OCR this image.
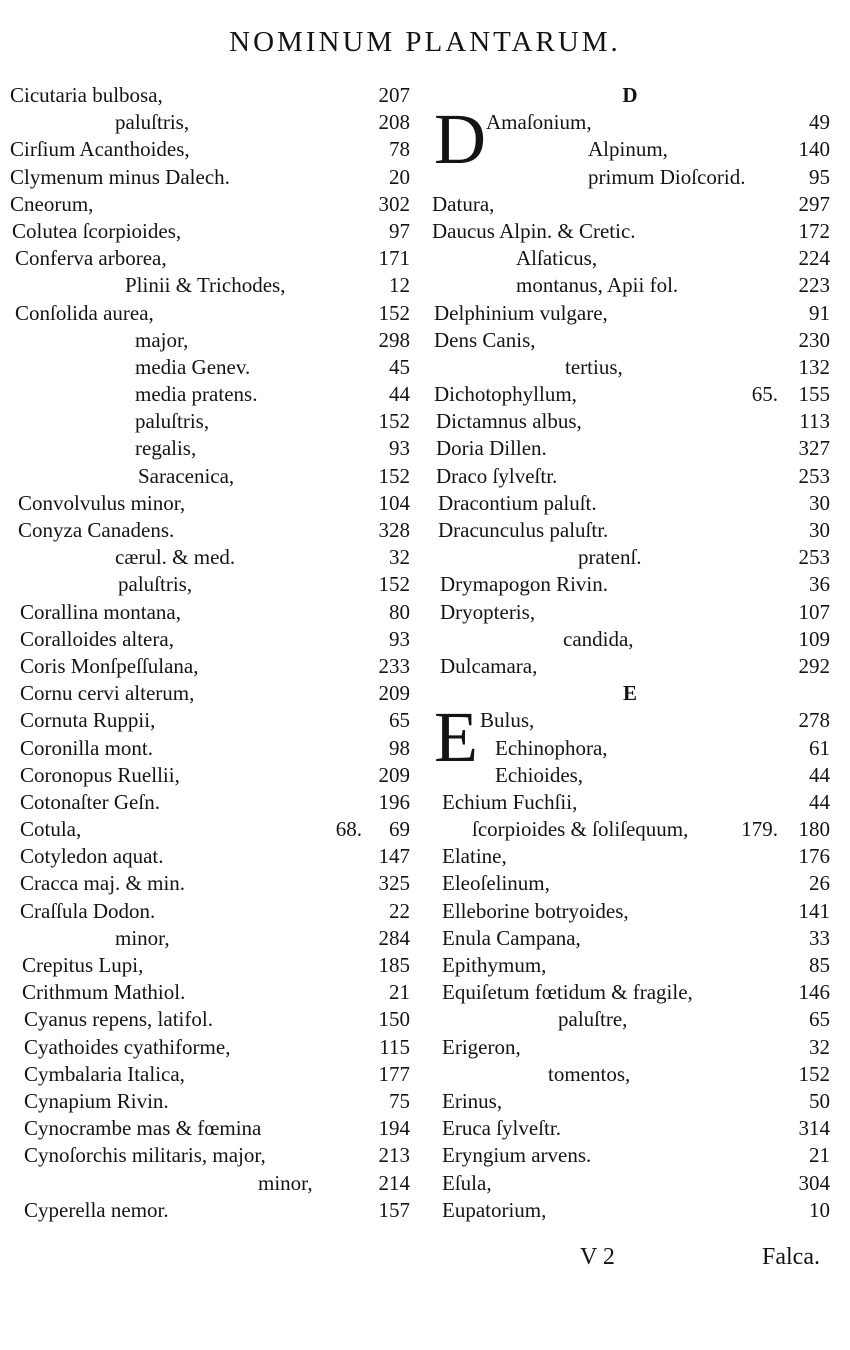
NOMINUM PLANTARUM.
Cicutaria bulbosa,	207
paluſtris,	208
Cirſium Acanthoides,	78
Clymenum minus Dalech.	20
Cneorum,	302
Colutea ſcorpioides,	97
Conferva arborea,	171
Plinii & Trichodes,	12
Conſolida aurea,	152
major,	298
media Genev.	45
media pratens.	44
paluſtris,	152
regalis,	93
Saracenica,	152
Convolvulus minor,	104
Conyza Canadens.	328
cærul. & med.	32
paluſtris,	152
Corallina montana,	80
Coralloides altera,	93
Coris Monſpeſſulana,	233
Cornu cervi alterum,	209
Cornuta Ruppii,	65
Coronilla mont.	98
Coronopus Ruellii,	209
Cotonaſter Geſn.	196
Cotula,	68. 69
Cotyledon aquat.	147
Cracca maj. & min.	325
Craſſula Dodon.	22
minor,	284
Crepitus Lupi,	185
Crithmum Mathiol.	21
Cyanus repens, latifol.	150
Cyathoides cyathiforme,	115
Cymbalaria Italica,	177
Cynapium Rivin.	75
Cynocrambe mas & fœmina	194
Cynoſorchis militaris, major,	213
minor,	214
Cyperella nemor.	157
D
D Amaſonium,	49
Alpinum,	140
primum Dioſcorid.	95
Datura,	297
Daucus Alpin. & Cretic.	172
Alſaticus,	224
montanus, Apii fol.	223
Delphinium vulgare,	91
Dens Canis,	230
tertius,	132
Dichotophyllum,	65. 155
Dictamnus albus,	113
Doria Dillen.	327
Draco ſylveſtr.	253
Dracontium paluſt.	30
Dracunculus paluſtr.	30
pratenſ.	253
Drymapogon Rivin.	36
Dryopteris,	107
candida,	109
Dulcamara,	292
E
E Bulus,	278
Echinophora,	61
Echioides,	44
Echium Fuchſii,	44
ſcorpioides & ſoliſequum,	179. 180
Elatine,	176
Eleoſelinum,	26
Elleborine botryoides,	141
Enula Campana,	33
Epithymum,	85
Equiſetum fœtidum & fragile,	146
paluſtre,	65
Erigeron,	32
tomentos,	152
Erinus,	50
Eruca ſylveſtr.	314
Eryngium arvens.	21
Eſula,	304
Eupatorium,	10
V 2	Falca.
